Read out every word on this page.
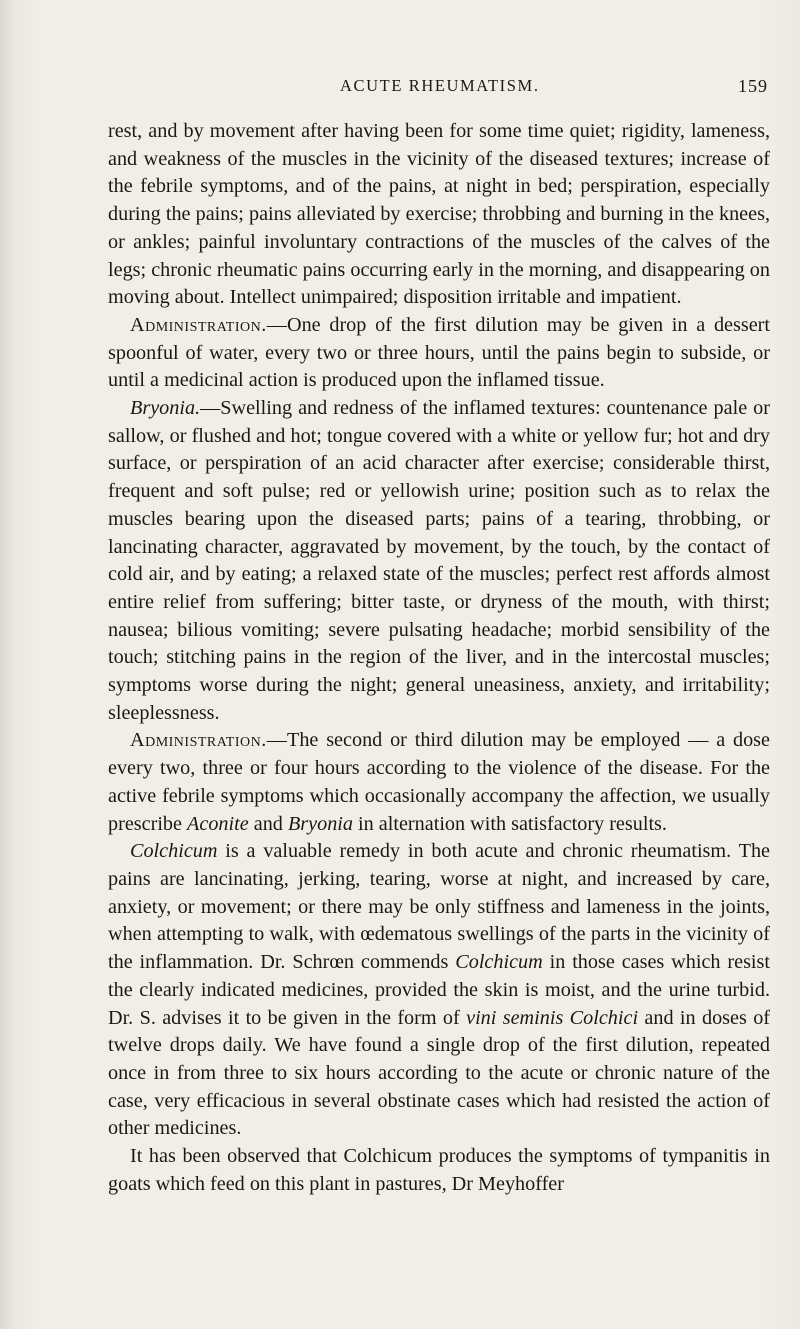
ACUTE RHEUMATISM.	159

rest, and by movement after having been for some time quiet; rigidity, lameness, and weakness of the muscles in the vicinity of the diseased textures; increase of the febrile symptoms, and of the pains, at night in bed; perspiration, especially during the pains; pains alleviated by exercise; throbbing and burning in the knees, or ankles; painful involuntary contractions of the muscles of the calves of the legs; chronic rheumatic pains occurring early in the morning, and disappearing on moving about. Intellect unimpaired; disposition irritable and impatient.

Administration.—One drop of the first dilution may be given in a dessert spoonful of water, every two or three hours, until the pains begin to subside, or until a medicinal action is produced upon the inflamed tissue.

Bryonia.—Swelling and redness of the inflamed textures: countenance pale or sallow, or flushed and hot; tongue covered with a white or yellow fur; hot and dry surface, or perspiration of an acid character after exercise; considerable thirst, frequent and soft pulse; red or yellowish urine; position such as to relax the muscles bearing upon the diseased parts; pains of a tearing, throbbing, or lancinating character, aggravated by movement, by the touch, by the contact of cold air, and by eating; a relaxed state of the muscles; perfect rest affords almost entire relief from suffering; bitter taste, or dryness of the mouth, with thirst; nausea; bilious vomiting; severe pulsating headache; morbid sensibility of the touch; stitching pains in the region of the liver, and in the intercostal muscles; symptoms worse during the night; general uneasiness, anxiety, and irritability; sleeplessness.

Administration.—The second or third dilution may be employed — a dose every two, three or four hours according to the violence of the disease. For the active febrile symptoms which occasionally accompany the affection, we usually prescribe Aconite and Bryonia in alternation with satisfactory results.

Colchicum is a valuable remedy in both acute and chronic rheumatism. The pains are lancinating, jerking, tearing, worse at night, and increased by care, anxiety, or movement; or there may be only stiffness and lameness in the joints, when attempting to walk, with œdematous swellings of the parts in the vicinity of the inflammation. Dr. Schrœn commends Colchicum in those cases which resist the clearly indicated medicines, provided the skin is moist, and the urine turbid. Dr. S. advises it to be given in the form of vini seminis Colchici and in doses of twelve drops daily. We have found a single drop of the first dilution, repeated once in from three to six hours according to the acute or chronic nature of the case, very efficacious in several obstinate cases which had resisted the action of other medicines.

It has been observed that Colchicum produces the symptoms of tympanitis in goats which feed on this plant in pastures, Dr Meyhoffer
